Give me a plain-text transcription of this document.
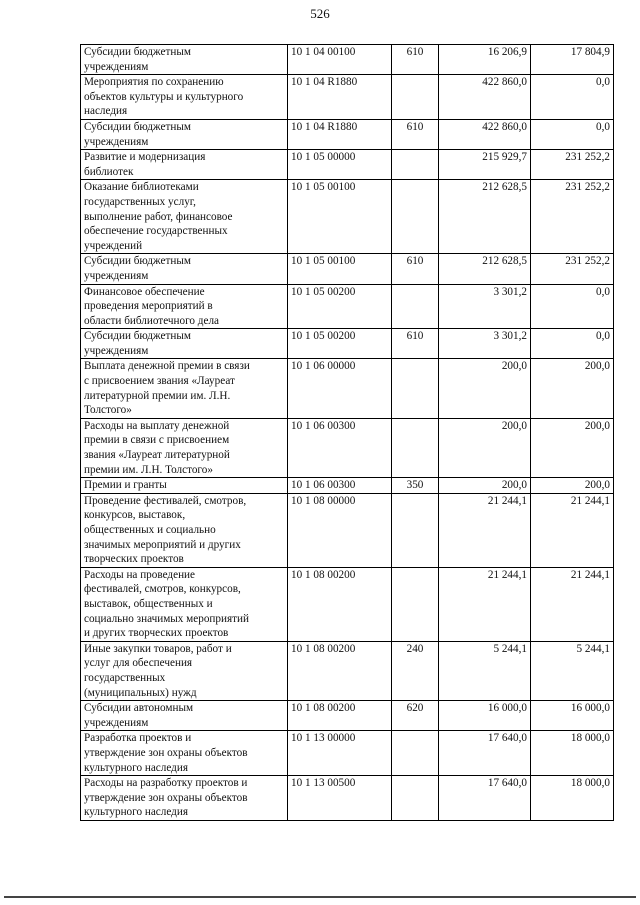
526
Субсидии бюджетным
учреждениям	10 1 04 00100	610	16 206,9	17 804,9
Мероприятия по сохранению
объектов культуры и культурного
наследия	10 1 04 R1880		422 860,0	0,0
Субсидии бюджетным
учреждениям	10 1 04 R1880	610	422 860,0	0,0
Развитие и модернизация
библиотек	10 1 05 00000		215 929,7	231 252,2
Оказание библиотеками
государственных услуг,
выполнение работ, финансовое
обеспечение государственных
учреждений	10 1 05 00100		212 628,5	231 252,2
Субсидии бюджетным
учреждениям	10 1 05 00100	610	212 628,5	231 252,2
Финансовое обеспечение
проведения мероприятий в
области библиотечного дела	10 1 05 00200		3 301,2	0,0
Субсидии бюджетным
учреждениям	10 1 05 00200	610	3 301,2	0,0
Выплата денежной премии в связи
с присвоением звания «Лауреат
литературной премии им. Л.Н.
Толстого»	10 1 06 00000		200,0	200,0
Расходы на выплату денежной
премии в связи с присвоением
звания «Лауреат литературной
премии им. Л.Н. Толстого»	10 1 06 00300		200,0	200,0
Премии и гранты	10 1 06 00300	350	200,0	200,0
Проведение фестивалей, смотров,
конкурсов, выставок,
общественных и социально
значимых мероприятий и других
творческих проектов	10 1 08 00000		21 244,1	21 244,1
Расходы на проведение
фестивалей, смотров, конкурсов,
выставок, общественных и
социально значимых мероприятий
и других творческих проектов	10 1 08 00200		21 244,1	21 244,1
Иные закупки товаров, работ и
услуг для обеспечения
государственных
(муниципальных) нужд	10 1 08 00200	240	5 244,1	5 244,1
Субсидии автономным
учреждениям	10 1 08 00200	620	16 000,0	16 000,0
Разработка проектов и
утверждение зон охраны объектов
культурного наследия	10 1 13 00000		17 640,0	18 000,0
Расходы на разработку проектов и
утверждение зон охраны объектов
культурного наследия	10 1 13 00500		17 640,0	18 000,0
